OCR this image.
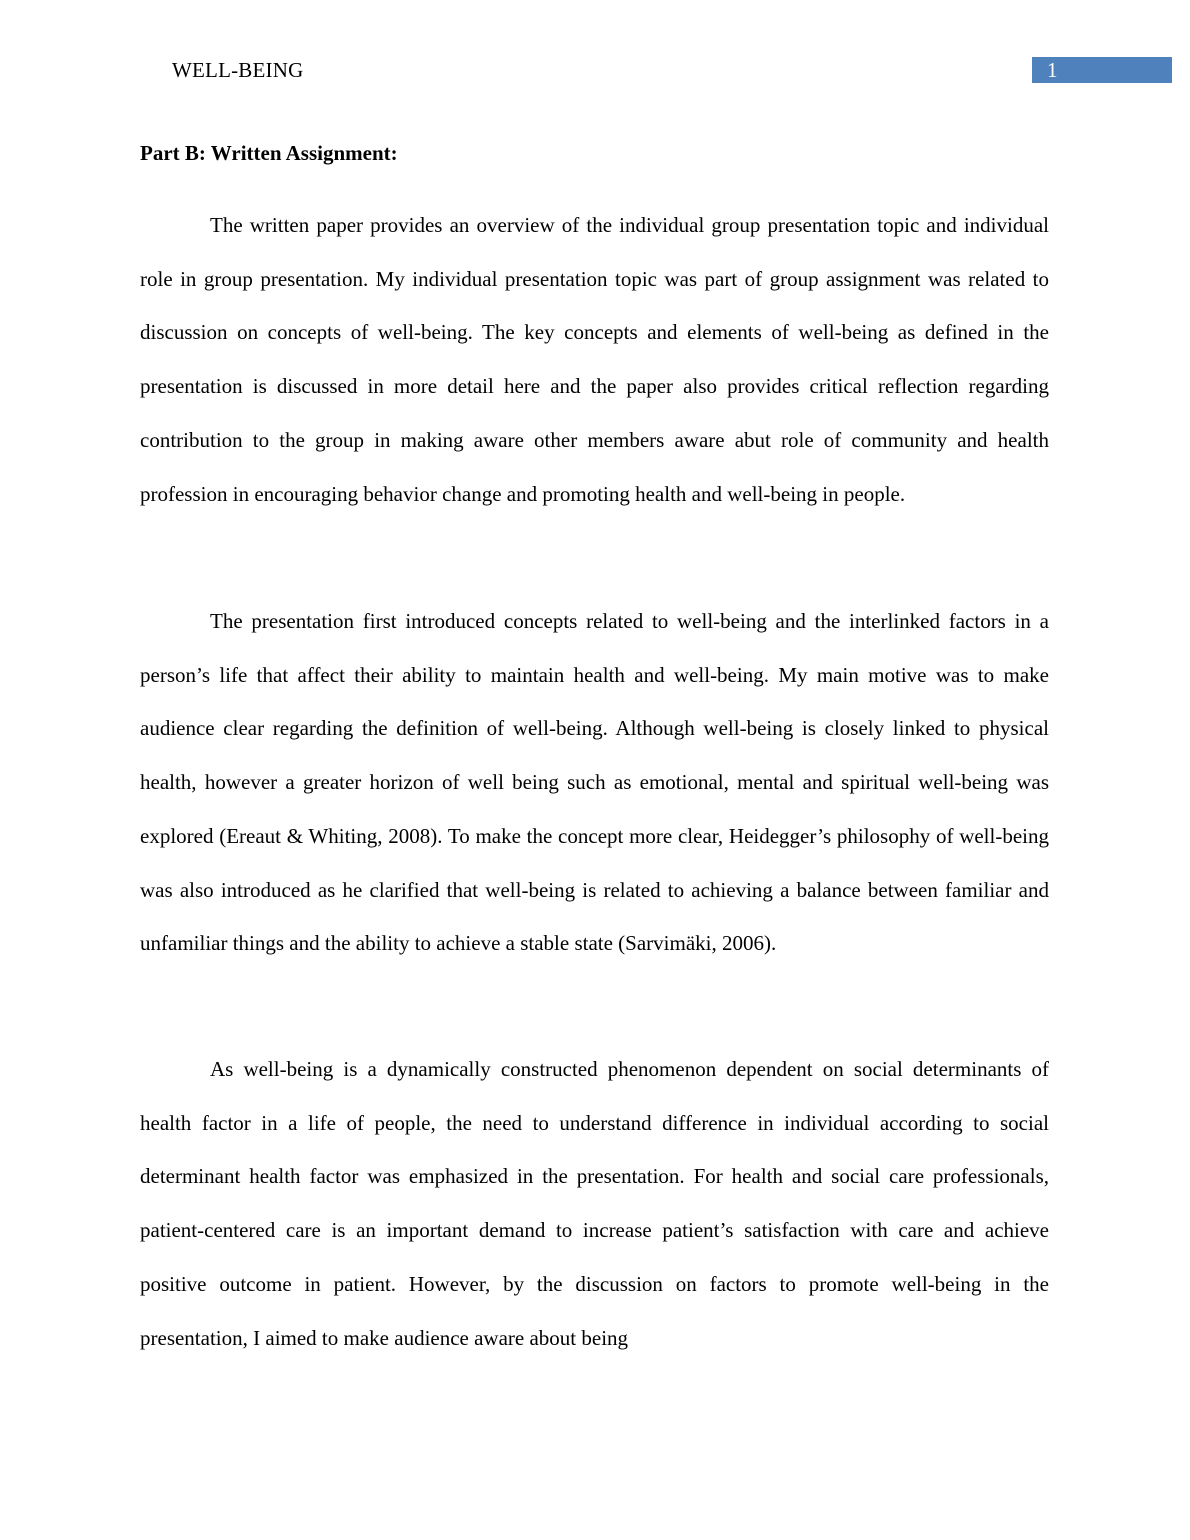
WELL-BEING	1
Part B: Written Assignment:

The written paper provides an overview of the individual group presentation topic and individual role in group presentation. My individual presentation topic was part of group assignment was related to discussion on concepts of well-being. The key concepts and elements of well-being as defined in the presentation is discussed in more detail here and the paper also provides critical reflection regarding contribution to the group in making aware other members aware abut role of community and health profession in encouraging behavior change and promoting health and well-being in people.

The presentation first introduced concepts related to well-being and the interlinked factors in a person’s life that affect their ability to maintain health and well-being. My main motive was to make audience clear regarding the definition of well-being. Although well-being is closely linked to physical health, however a greater horizon of well being such as emotional, mental and spiritual well-being was explored (Ereaut & Whiting, 2008). To make the concept more clear, Heidegger’s philosophy of well-being was also introduced as he clarified that well-being is related to achieving a balance between familiar and unfamiliar things and the ability to achieve a stable state (Sarvimäki, 2006).

As well-being is a dynamically constructed phenomenon dependent on social determinants of health factor in a life of people, the need to understand difference in individual according to social determinant health factor was emphasized in the presentation. For health and social care professionals, patient-centered care is an important demand to increase patient’s satisfaction with care and achieve positive outcome in patient. However, by the discussion on factors to promote well-being in the presentation, I aimed to make audience aware about being
